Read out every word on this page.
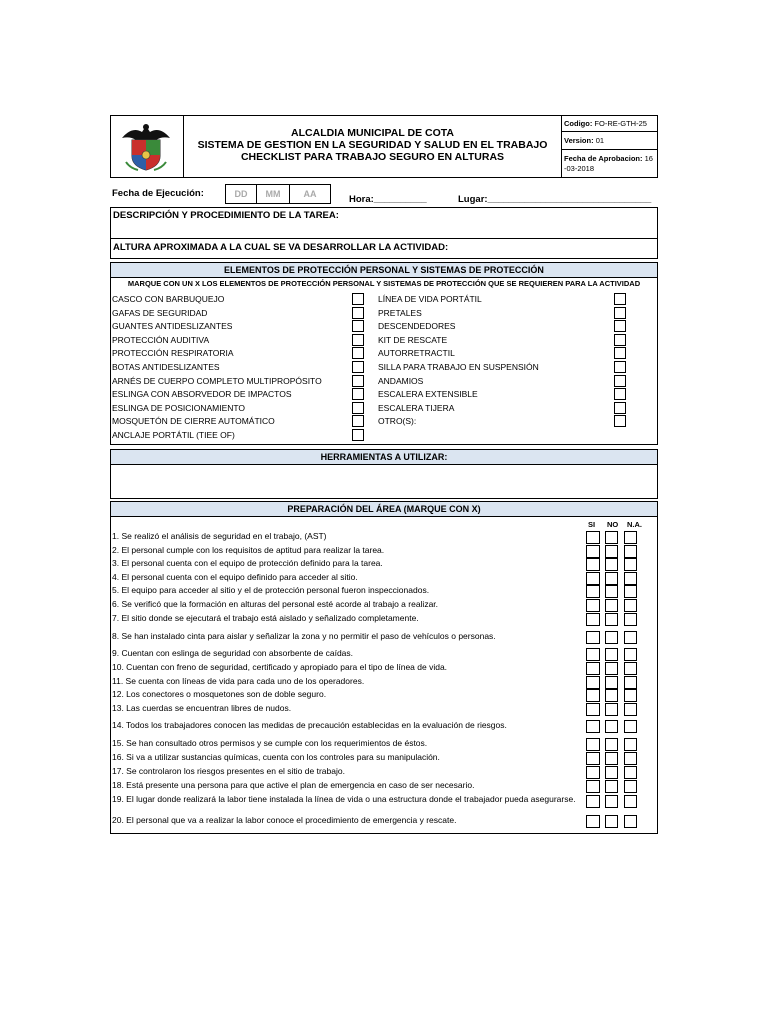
ALCALDIA MUNICIPAL DE COTA
SISTEMA DE GESTION EN LA SEGURIDAD Y SALUD EN EL TRABAJO
CHECKLIST PARA TRABAJO SEGURO EN ALTURAS
Codigo: FO-RE-GTH-25
Version: 01
Fecha de Aprobacion: 16
-03-2018
Fecha de Ejecución:	DD	MM	AA	Hora:__________	Lugar:_______________________________
DESCRIPCIÓN Y PROCEDIMIENTO DE LA TAREA:
ALTURA APROXIMADA A LA CUAL SE VA DESARROLLAR LA ACTIVIDAD:
ELEMENTOS DE PROTECCIÓN PERSONAL Y SISTEMAS DE PROTECCIÓN
MARQUE CON UN X LOS ELEMENTOS DE PROTECCIÓN PERSONAL Y SISTEMAS DE PROTECCIÓN QUE SE REQUIEREN PARA LA ACTIVIDAD
CASCO CON BARBUQUEJO
GAFAS DE SEGURIDAD
GUANTES ANTIDESLIZANTES
PROTECCIÓN AUDITIVA
PROTECCIÓN RESPIRATORIA
BOTAS ANTIDESLIZANTES
ARNÉS DE CUERPO COMPLETO MULTIPROPÓSITO
ESLINGA CON ABSORVEDOR DE IMPACTOS
ESLINGA DE POSICIONAMIENTO
MOSQUETÓN DE CIERRE AUTOMÁTICO
ANCLAJE PORTÁTIL (TIEE OF)
LÍNEA DE VIDA PORTÁTIL
PRETALES
DESCENDEDORES
KIT DE RESCATE
AUTORRETRACTIL
SILLA PARA TRABAJO EN SUSPENSIÓN
ANDAMIOS
ESCALERA EXTENSIBLE
ESCALERA TIJERA
OTRO(S):
HERRAMIENTAS A UTILIZAR:
PREPARACIÓN DEL ÁREA (MARQUE CON X)
SI NO N.A.
1. Se realizó el análisis de seguridad en el trabajo, (AST)
2. El personal cumple con los requisitos de aptitud para realizar la tarea.
3. El personal cuenta con el equipo de protección definido para la tarea.
4. El personal cuenta con el equipo definido para acceder al sitio.
5. El equipo para acceder al sitio y el de protección personal fueron inspeccionados.
6. Se verificó que la formación en alturas del personal esté acorde al trabajo a realizar.
7. El sitio donde se ejecutará el trabajo está aislado y señalizado completamente.
8. Se han instalado cinta para aislar y señalizar la zona y no permitir el paso de vehículos o personas.
9. Cuentan con eslinga de seguridad con absorbente de caídas.
10. Cuentan con freno de seguridad, certificado y apropiado para el tipo de línea de vida.
11. Se cuenta con líneas de vida para cada uno de los operadores.
12. Los conectores o mosquetones son de doble seguro.
13. Las cuerdas se encuentran libres de nudos.
14. Todos los trabajadores conocen las medidas de precaución establecidas en la evaluación de riesgos.
15. Se han consultado otros permisos y se cumple con los requerimientos de éstos.
16. Si va a utilizar sustancias químicas, cuenta con los controles para su manipulación.
17. Se controlaron los riesgos presentes en el sitio de trabajo.
18. Está presente una persona para que active el plan de emergencia en caso de ser necesario.
19. El lugar donde realizará la labor tiene instalada la línea de vida o una estructura donde el trabajador pueda asegurarse.
20. El personal que va a realizar la labor conoce el procedimiento de emergencia y rescate.
